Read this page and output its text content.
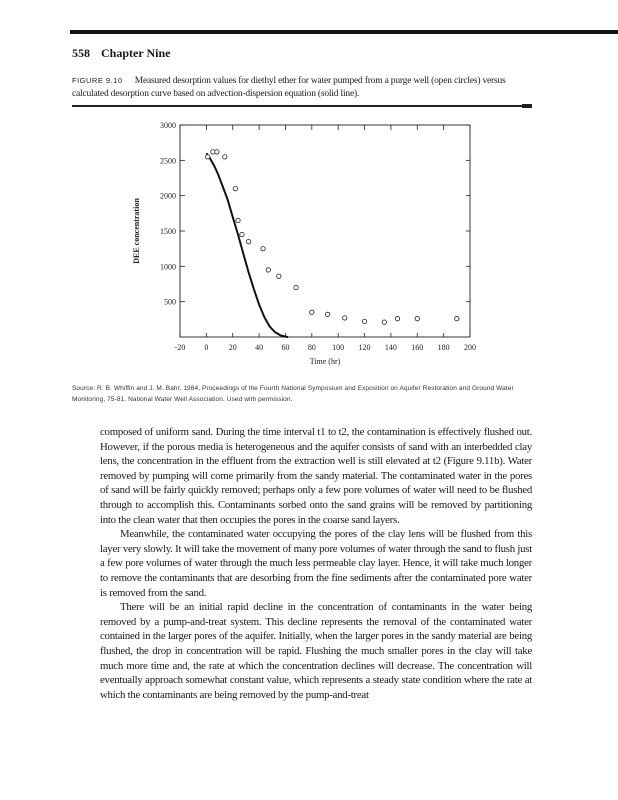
558 Chapter Nine
FIGURE 9.10 Measured desorption values for diethyl ether for water pumped from a purge well (open circles) versus calculated desorption curve based on advection-dispersion equation (solid line).
-20 0	20 40 60 80 100 120 140 160 180 200
500
1000
1500
2000
2500
3000
Time (hr)
DEE concentration
Source: R. B. Whiffin and J. M. Bahr, 1984, Proceedings of the Fourth National Symposium and Exposition on Aquifer Restoration and Ground Water Monitoring, 75-81. National Water Well Association. Used with permission.

composed of uniform sand. During the time interval t1 to t2, the contamination is effectively flushed out. However, if the porous media is heterogeneous and the aquifer consists of sand with an interbedded clay lens, the concentration in the effluent from the extraction well is still elevated at t2 (Figure 9.11b). Water removed by pumping will come primarily from the sandy material. The contaminated water in the pores of sand will be fairly quickly removed; perhaps only a few pore volumes of water will need to be flushed through to accomplish this. Contaminants sorbed onto the sand grains will be removed by partitioning into the clean water that then occupies the pores in the coarse sand layers.

Meanwhile, the contaminated water occupying the pores of the clay lens will be flushed from this layer very slowly. It will take the movement of many pore volumes of water through the sand to flush just a few pore volumes of water through the much less permeable clay layer. Hence, it will take much longer to remove the contaminants that are desorbing from the fine sediments after the contaminated pore water is removed from the sand.

There will be an initial rapid decline in the concentration of contaminants in the water being removed by a pump-and-treat system. This decline represents the removal of the contaminated water contained in the larger pores of the aquifer. Initially, when the larger pores in the sandy material are being flushed, the drop in concentration will be rapid. Flushing the much smaller pores in the clay will take much more time and, the rate at which the concentration declines will decrease. The concentration will eventually approach somewhat constant value, which represents a steady state condition where the rate at which the contaminants are being removed by the pump-and-treat
